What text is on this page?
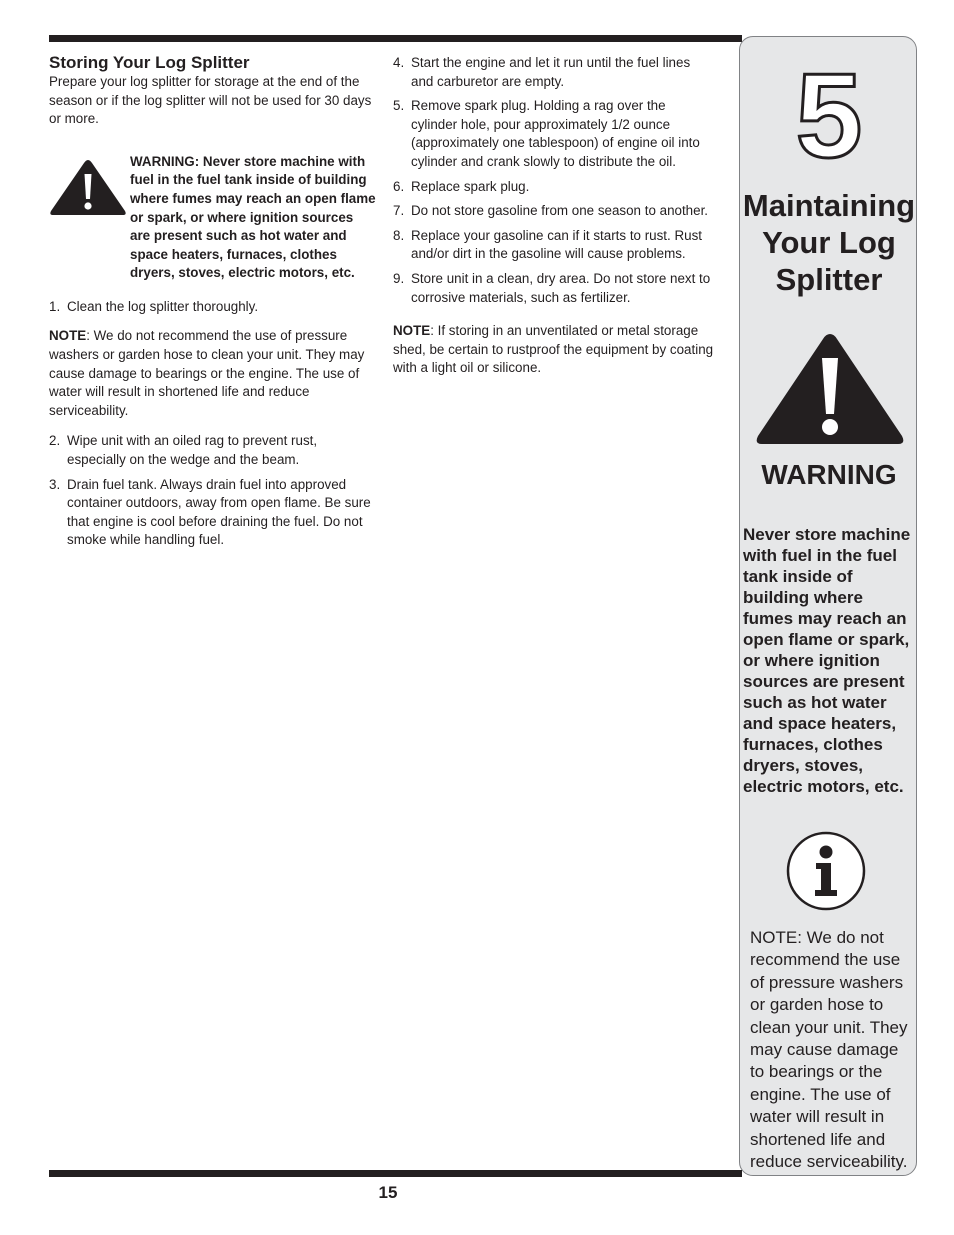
Storing Your Log Splitter

Prepare your log splitter for storage at the end of the season or if the log splitter will not be used for 30 days or more.

WARNING: Never store machine with fuel in the fuel tank inside of building where fumes may reach an open flame or spark, or where ignition sources are present such as hot water and space heaters, furnaces, clothes dryers, stoves, electric motors, etc.
1. Clean the log splitter thoroughly.

NOTE: We do not recommend the use of pressure washers or garden hose to clean your unit. They may cause damage to bearings or the engine. The use of water will result in shortened life and reduce serviceability.

2. Wipe unit with an oiled rag to prevent rust, especially on the wedge and the beam.
3. Drain fuel tank. Always drain fuel into approved container outdoors, away from open flame. Be sure that engine is cool before draining the fuel. Do not smoke while handling fuel.
4. Start the engine and let it run until the fuel lines and carburetor are empty.
5. Remove spark plug. Holding a rag over the cylinder hole, pour approximately 1/2 ounce (approximately one tablespoon) of engine oil into cylinder and crank slowly to distribute the oil.
6. Replace spark plug.
7. Do not store gasoline from one season to another.
8. Replace your gasoline can if it starts to rust. Rust and/or dirt in the gasoline will cause problems.
9. Store unit in a clean, dry area. Do not store next to corrosive materials, such as fertilizer.

NOTE: If storing in an unventilated or metal storage shed, be certain to rustproof the equipment by coating with a light oil or silicone.

5
Maintaining
Your Log
Splitter
WARNING
Never store machine with fuel in the fuel tank inside of building where fumes may reach an open flame or spark, or where ignition sources are present such as hot water and space heaters, furnaces, clothes dryers, stoves, electric motors, etc.
NOTE: We do not recommend the use of pressure washers or garden hose to clean your unit. They may cause damage to bearings or the engine. The use of water will result in shortened life and reduce serviceability.
15
